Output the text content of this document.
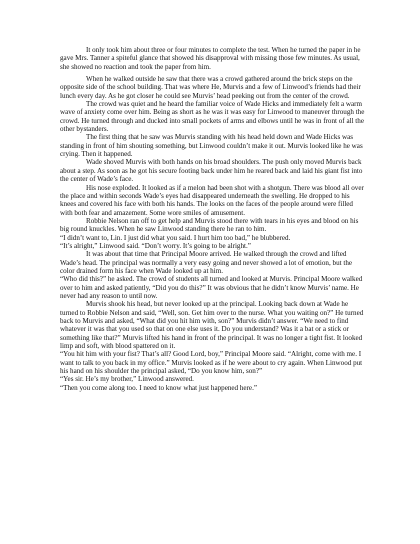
It only took him about three or four minutes to complete the test. When he turned the paper in he gave Mrs. Tanner a spiteful glance that showed his disapproval with missing those few minutes. As usual, she showed no reaction and took the paper from him.

When he walked outside he saw that there was a crowd gathered around the brick steps on the opposite side of the school building. That was where He, Murvis and a few of Linwood’s friends had their lunch every day. As he got closer he could see Murvis’ head peeking out from the center of the crowd.

The crowd was quiet and he heard the familiar voice of Wade Hicks and immediately felt a warm wave of anxiety come over him. Being as short as he was it was easy for Linwood to maneuver through the crowd. He turned through and ducked into small pockets of arms and elbows until he was in front of all the other bystanders.

The first thing that he saw was Murvis standing with his head held down and Wade Hicks was standing in front of him shouting something, but Linwood couldn’t make it out. Murvis looked like he was crying. Then it happened.

Wade shoved Murvis with both hands on his broad shoulders. The push only moved Murvis back about a step. As soon as he got his secure footing back under him he reared back and laid his giant fist into the center of Wade’s face.

His nose exploded. It looked as if a melon had been shot with a shotgun. There was blood all over the place and within seconds Wade’s eyes had disappeared underneath the swelling. He dropped to his knees and covered his face with both his hands. The looks on the faces of the people around were filled with both fear and amazement. Some wore smiles of amusement.

Robbie Nelson ran off to get help and Murvis stood there with tears in his eyes and blood on his big round knuckles. When he saw Linwood standing there he ran to him.

“I didn’t want to, Lin. I just did what you said. I hurt him too bad,” he blubbered.

“It’s alright,” Linwood said. “Don’t worry. It’s going to be alright.”

It was about that time that Principal Moore arrived. He walked through the crowd and lifted Wade’s head. The principal was normally a very easy going and never showed a lot of emotion, but the color drained form his face when Wade looked up at him.

“Who did this?” he asked. The crowd of students all turned and looked at Murvis. Principal Moore walked over to him and asked patiently, “Did you do this?” It was obvious that he didn’t know Murvis’ name. He never had any reason to until now.

Murvis shook his head, but never looked up at the principal. Looking back down at Wade he turned to Robbie Nelson and said, “Well, son. Get him over to the nurse. What you waiting on?” He turned back to Murvis and asked, “What did you hit him with, son?” Murvis didn’t answer. “We need to find whatever it was that you used so that on one else uses it. Do you understand? Was it a bat or a stick or something like that?” Murvis lifted his hand in front of the principal. It was no longer a tight fist. It looked limp and soft, with blood spattered on it.

“You hit him with your fist? That’s all? Good Lord, boy,” Principal Moore said. “Alright, come with me. I want to talk to you back in my office.” Murvis looked as if he were about to cry again. When Linwood put his hand on his shoulder the principal asked, “Do you know him, son?”

“Yes sir. He’s my brother,” Linwood answered.

“Then you come along too. I need to know what just happened here.”
